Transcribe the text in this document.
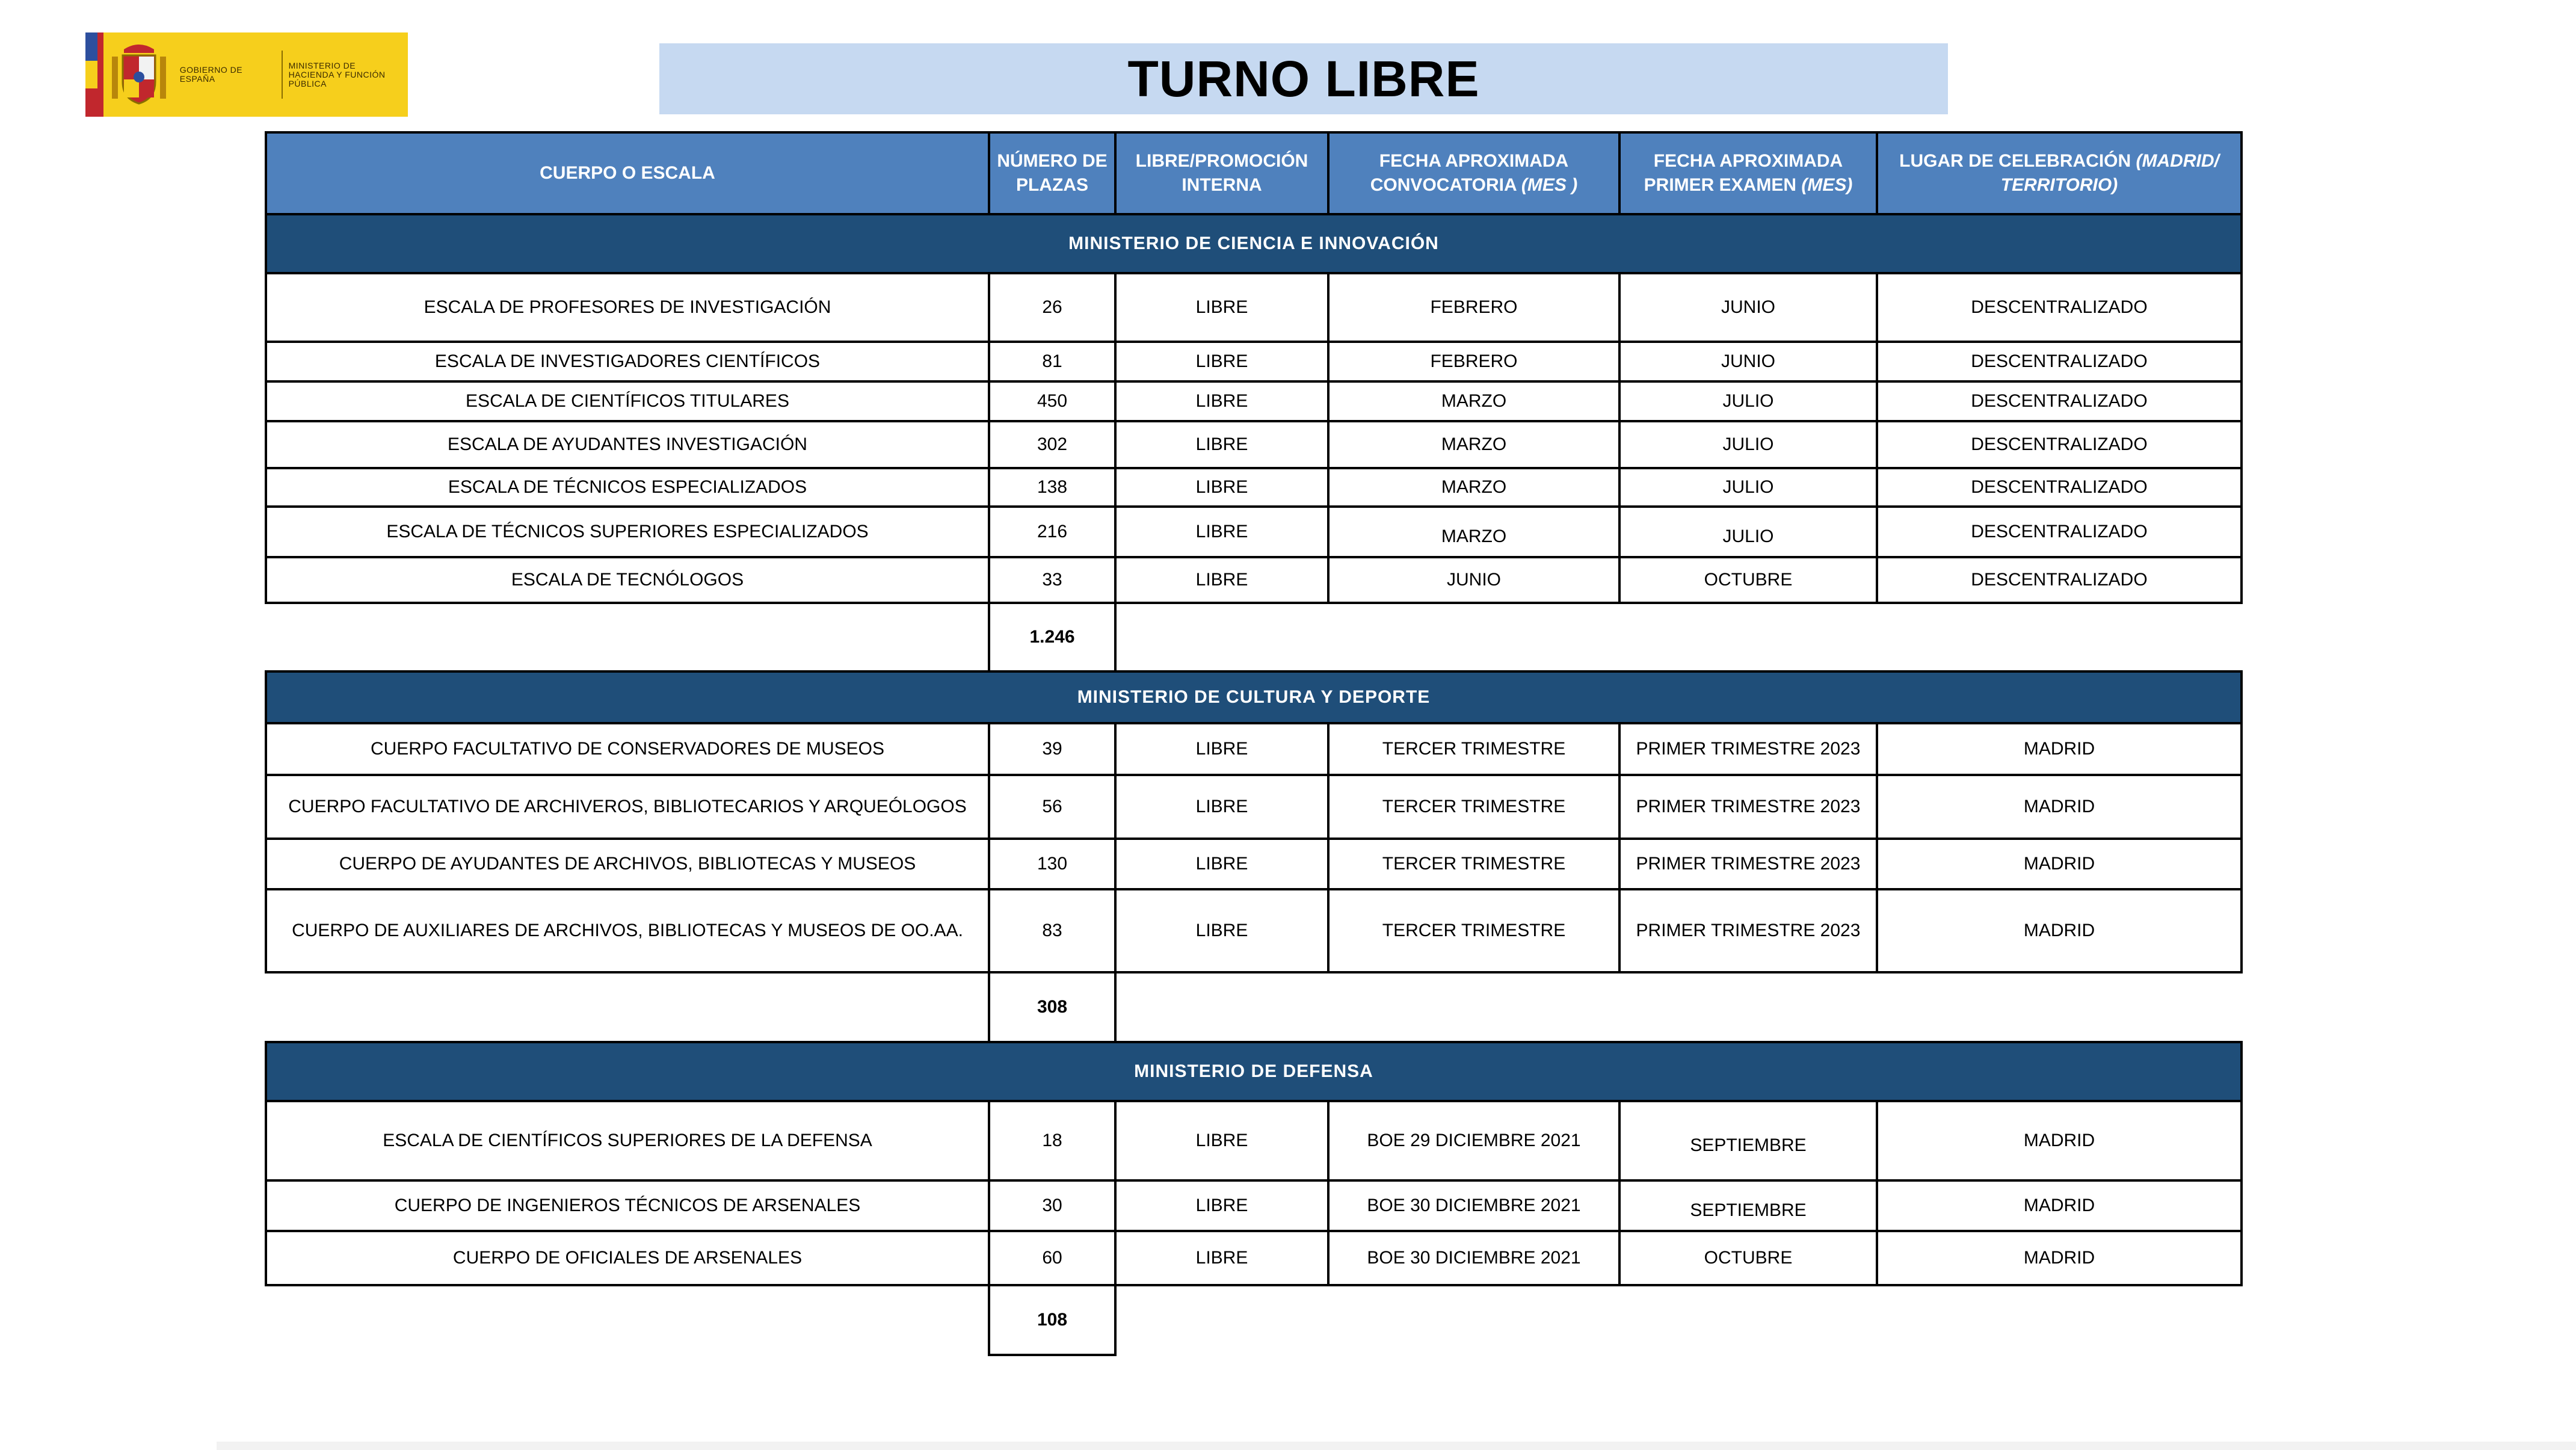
GOBIERNO DE ESPAÑA
MINISTERIO DE HACIENDA Y FUNCIÓN PÚBLICA	TURNO LIBRE
CUERPO O ESCALA	NÚMERO DE PLAZAS	LIBRE/PROMOCIÓN INTERNA	FECHA APROXIMADA CONVOCATORIA (MES )	FECHA APROXIMADA PRIMER EXAMEN (MES)	LUGAR DE CELEBRACIÓN (MADRID/ TERRITORIO)
MINISTERIO DE CIENCIA E INNOVACIÓN					
ESCALA DE PROFESORES DE INVESTIGACIÓN	26	LIBRE	FEBRERO	JUNIO	DESCENTRALIZADO
ESCALA DE INVESTIGADORES CIENTÍFICOS	81	LIBRE	FEBRERO	JUNIO	DESCENTRALIZADO
ESCALA DE CIENTÍFICOS TITULARES	450	LIBRE	MARZO	JULIO	DESCENTRALIZADO
ESCALA DE AYUDANTES INVESTIGACIÓN	302	LIBRE	MARZO	JULIO	DESCENTRALIZADO
ESCALA DE TÉCNICOS ESPECIALIZADOS	138	LIBRE	MARZO	JULIO	DESCENTRALIZADO
ESCALA DE TÉCNICOS SUPERIORES ESPECIALIZADOS	216	LIBRE	MARZO	JULIO	DESCENTRALIZADO
ESCALA DE TECNÓLOGOS	33	LIBRE	JUNIO	OCTUBRE	DESCENTRALIZADO
	1.246				
MINISTERIO DE CULTURA Y DEPORTE					
CUERPO FACULTATIVO DE CONSERVADORES DE MUSEOS	39	LIBRE	TERCER TRIMESTRE	PRIMER TRIMESTRE 2023	MADRID
CUERPO FACULTATIVO DE ARCHIVEROS, BIBLIOTECARIOS Y ARQUEÓLOGOS	56	LIBRE	TERCER TRIMESTRE	PRIMER TRIMESTRE 2023	MADRID
CUERPO DE AYUDANTES DE ARCHIVOS, BIBLIOTECAS Y MUSEOS	130	LIBRE	TERCER TRIMESTRE	PRIMER TRIMESTRE 2023	MADRID
CUERPO DE AUXILIARES DE ARCHIVOS, BIBLIOTECAS Y MUSEOS DE OO.AA.	83	LIBRE	TERCER TRIMESTRE	PRIMER TRIMESTRE 2023	MADRID
	308				
MINISTERIO DE DEFENSA					
ESCALA DE CIENTÍFICOS SUPERIORES DE LA DEFENSA	18	LIBRE	BOE 29 DICIEMBRE 2021	SEPTIEMBRE	MADRID
CUERPO DE INGENIEROS TÉCNICOS DE ARSENALES	30	LIBRE	BOE 30 DICIEMBRE 2021	SEPTIEMBRE	MADRID
CUERPO DE OFICIALES DE ARSENALES	60	LIBRE	BOE 30 DICIEMBRE 2021	OCTUBRE	MADRID
	108				
